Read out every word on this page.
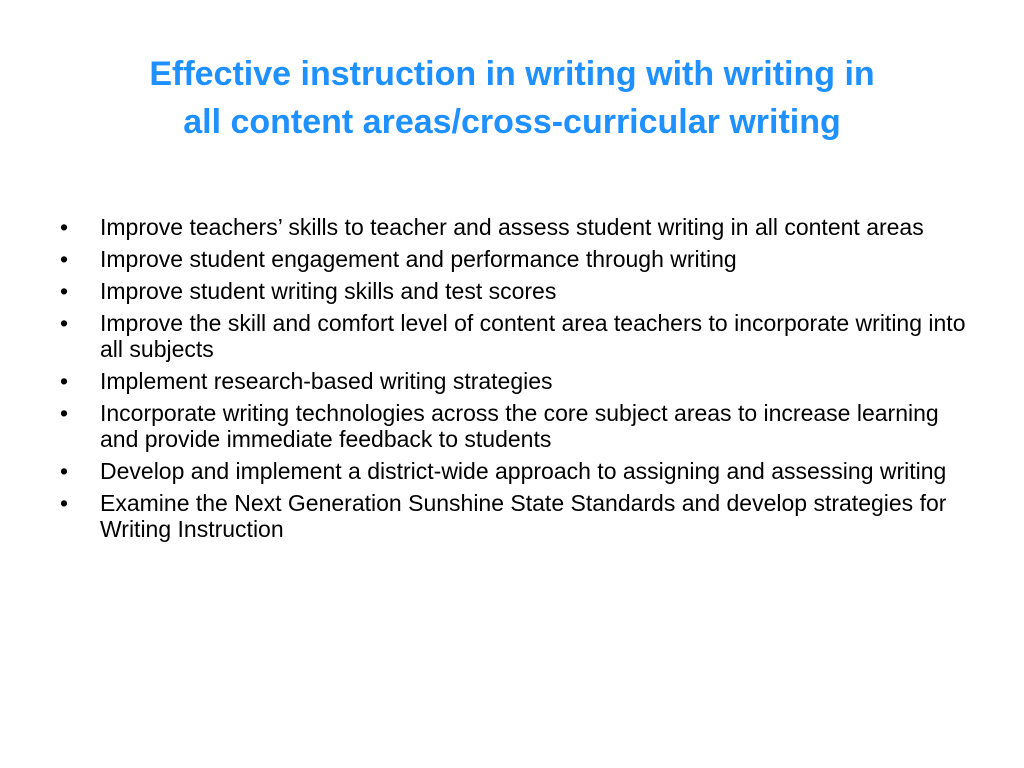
Effective instruction in writing with writing in
all content areas/cross-curricular writing
•	Improve teachers’ skills to teacher and assess student writing in all content areas
•	Improve student engagement and performance through writing
•	Improve student writing skills and test scores
•	Improve the skill and comfort level of content area teachers to incorporate writing into all subjects
•	Implement research-based writing strategies
•	Incorporate writing technologies across the core subject areas to increase learning and provide immediate feedback to students
•	Develop and implement a district-wide approach to assigning and assessing writing
•	Examine the Next Generation Sunshine State Standards and develop strategies for Writing Instruction
